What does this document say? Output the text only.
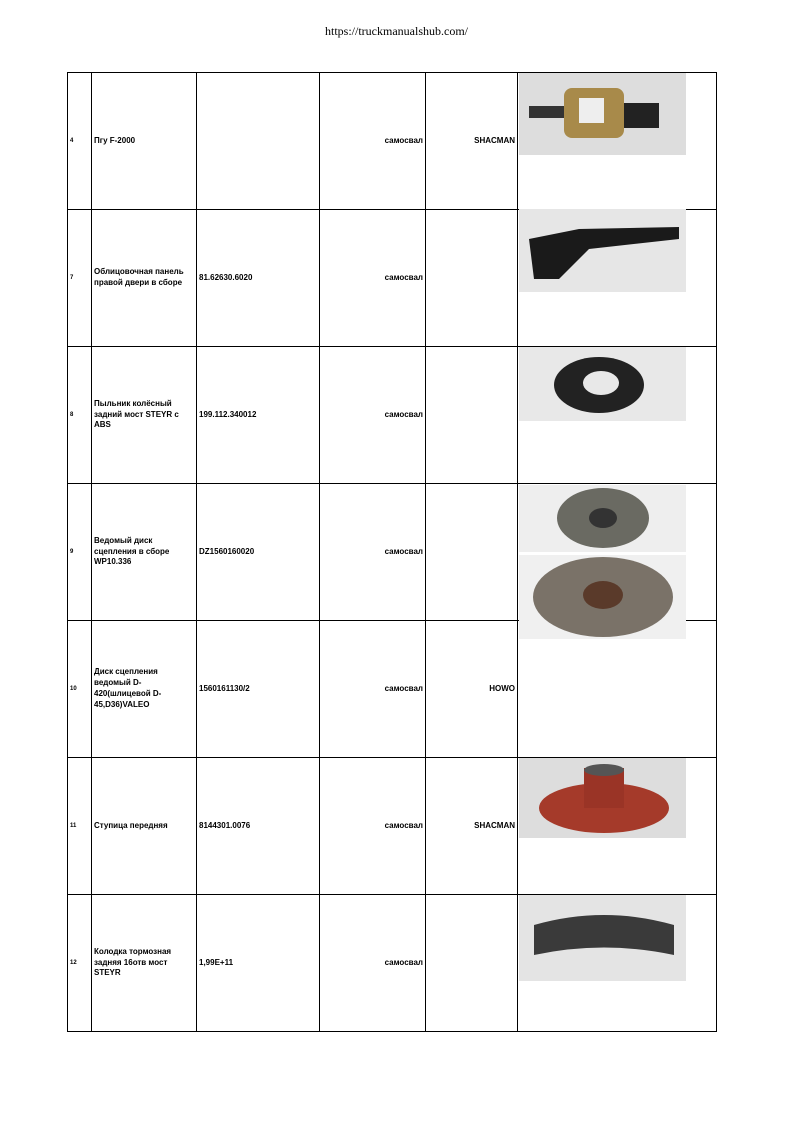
https://truckmanualshub.com/
4	Пгу F-2000		самосвал	SHACMAN	

7	Облицовочная панель правой двери в сборе	81.62630.6020	самосвал		

8	Пыльник колёсный задний мост STEYR с ABS	199.112.340012	самосвал		

9	Ведомый диск сцепления в сборе WP10.336	DZ1560160020	самосвал		

10	Диск сцепления ведомый D-420(шлицевой D-45,D36)VALEO	1560161130/2	самосвал	HOWO	
11	Ступица передняя	8144301.0076	самосвал	SHACMAN	

12	Колодка тормозная задняя 16отв мост STEYR	1,99E+11	самосвал		
